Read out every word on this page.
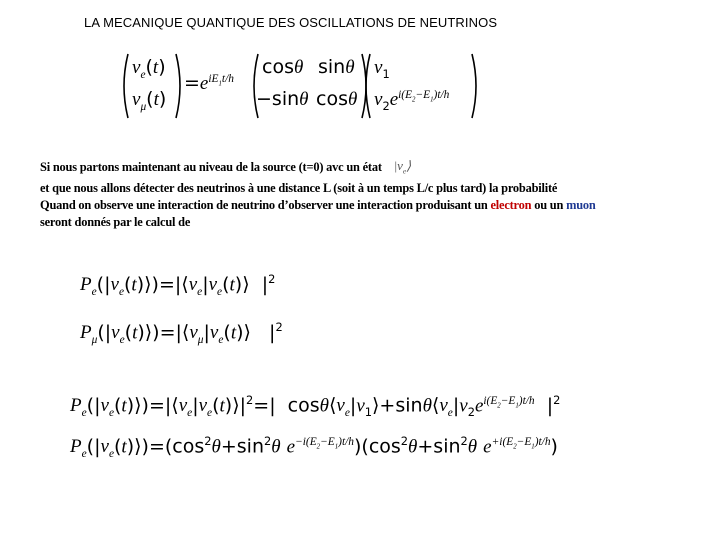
LA MECANIQUE QUANTIQUE DES OSCILLATIONS DE NEUTRINOS
$\nu_e(t)$
$\nu_\mu(t)$
$=e^{iE_1t/h}$
cosθ sinθ
−sinθ cosθ
$\nu_1$
$\nu_2e^{i(E_2-E_1)t/h}$
Si nous partons maintenant au niveau de la source (t=0) avc un état $|\nu_e⟩$
et que nous allons détecter des neutrinos à une distance L (soit à un temps L/c plus tard) la probabilité
Quand on observe une interaction de neutrino d’observer une interaction produisant un electron ou un muon
seront donnés par le calcul de
$P_e(|\nu_e(t)⟩)=|⟨\nu_e|\nu_e(t)⟩$  $|^2$
$P_\mu(|\nu_e(t)⟩)=|⟨\nu_\mu|\nu_e(t)⟩$   $|^2$
$P_e(|\nu_e(t)⟩)=|⟨\nu_e|\nu_e(t)⟩|^2=|$  $\cos\theta⟨\nu_e|\nu_1⟩+\sin\theta⟨\nu_e|\nu_2e^{i(E_2-E_1)t/h}$  $|^2$
$P_e(|\nu_e(t)⟩)=(\cos^2\theta+\sin^2\theta$ $e^{-i(E_2-E_1)t/h})(\cos^2\theta+\sin^2\theta$ $e^{+i(E_2-E_1)t/h}$)
